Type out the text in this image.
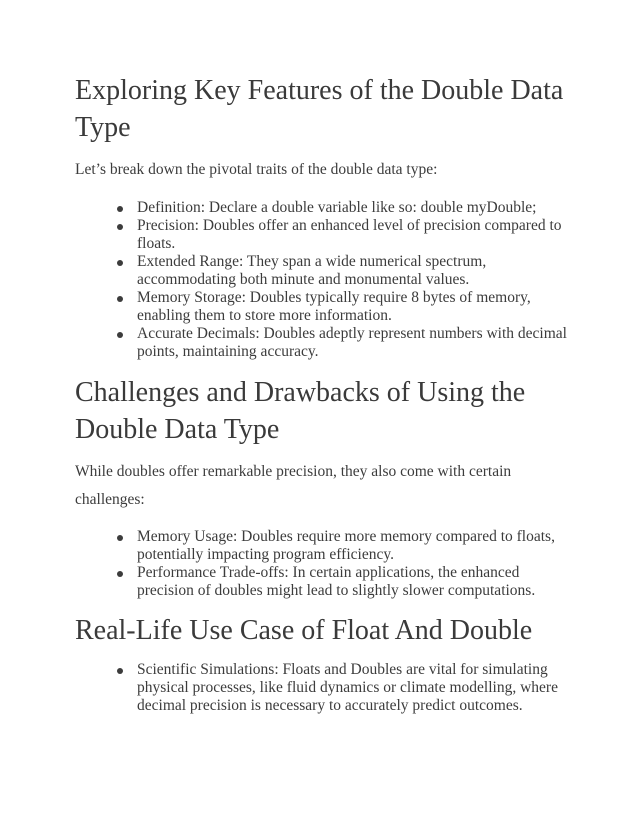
Exploring Key Features of the Double Data Type

Let’s break down the pivotal traits of the double data type:

Definition: Declare a double variable like so: double myDouble;
Precision: Doubles offer an enhanced level of precision compared to floats.
Extended Range: They span a wide numerical spectrum, accommodating both minute and monumental values.
Memory Storage: Doubles typically require 8 bytes of memory, enabling them to store more information.
Accurate Decimals: Doubles adeptly represent numbers with decimal points, maintaining accuracy.
Challenges and Drawbacks of Using the Double Data Type

While doubles offer remarkable precision, they also come with certain challenges:

Memory Usage: Doubles require more memory compared to floats, potentially impacting program efficiency.
Performance Trade-offs: In certain applications, the enhanced precision of doubles might lead to slightly slower computations.
Real-Life Use Case of Float And Double
Scientific Simulations: Floats and Doubles are vital for simulating physical processes, like fluid dynamics or climate modelling, where decimal precision is necessary to accurately predict outcomes.
